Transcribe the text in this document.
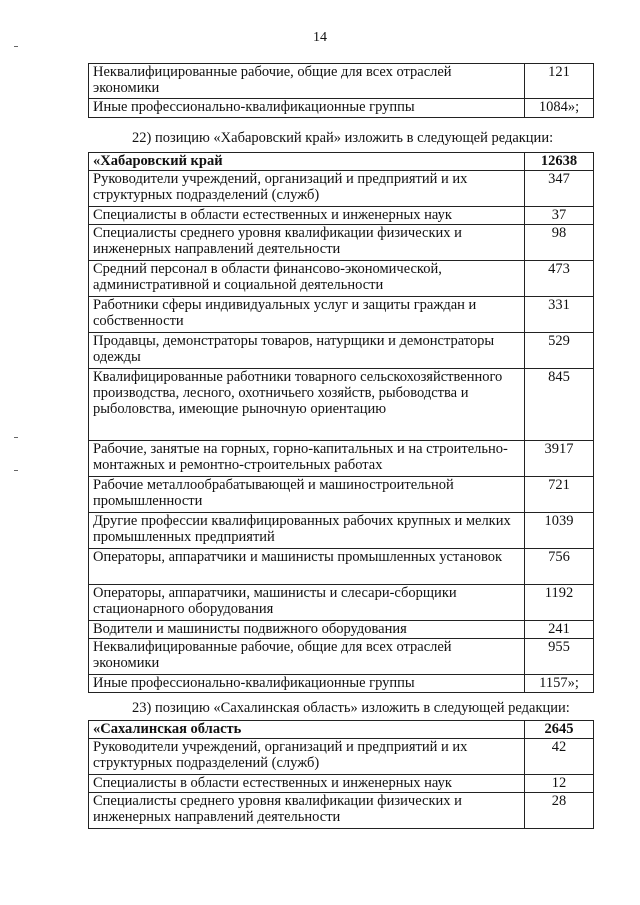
14
Неквалифицированные рабочие, общие для всех отраслей экономики	121
Иные профессионально-квалификационные группы	1084»;
22) позицию «Хабаровский край» изложить в следующей редакции:
«Хабаровский край	12638
Руководители учреждений, организаций и предприятий и их структурных подразделений (служб)	347
Специалисты в области естественных и инженерных наук	37
Специалисты среднего уровня квалификации физических и инженерных направлений деятельности	98
Средний персонал в области финансово-экономической, административной и социальной деятельности	473
Работники сферы индивидуальных услуг и защиты граждан и собственности	331
Продавцы, демонстраторы товаров, натурщики и демонстраторы одежды	529
Квалифицированные работники товарного сельскохозяйственного производства, лесного, охотничьего хозяйств, рыбоводства и рыболовства, имеющие рыночную ориентацию	845
Рабочие, занятые на горных, горно-капитальных и на строительно-монтажных и ремонтно-строительных работах	3917
Рабочие металлообрабатывающей и машиностроительной промышленности	721
Другие профессии квалифицированных рабочих крупных и мелких промышленных предприятий	1039
Операторы, аппаратчики и машинисты промышленных установок	756
Операторы, аппаратчики, машинисты и слесари-сборщики стационарного оборудования	1192
Водители и машинисты подвижного оборудования	241
Неквалифицированные рабочие, общие для всех отраслей экономики	955
Иные профессионально-квалификационные группы	1157»;
23) позицию «Сахалинская область» изложить в следующей редакции:
«Сахалинская область	2645
Руководители учреждений, организаций и предприятий и их структурных подразделений (служб)	42
Специалисты в области естественных и инженерных наук	12
Специалисты среднего уровня квалификации физических и инженерных направлений деятельности	28
